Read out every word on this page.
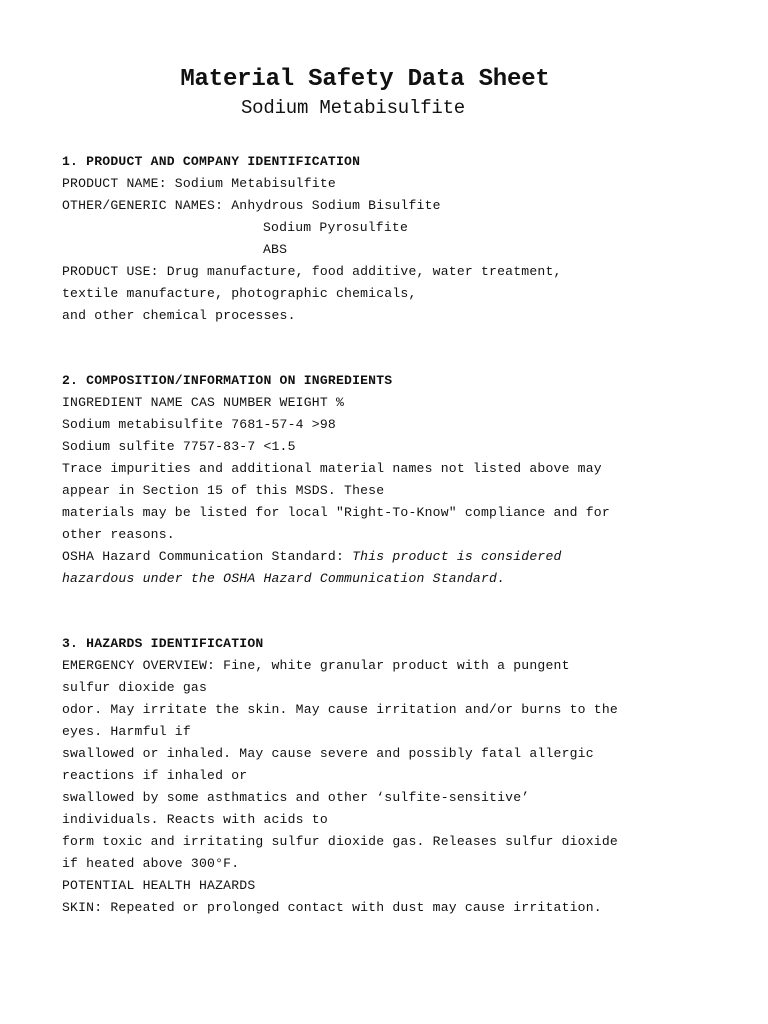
Material Safety Data Sheet
Sodium Metabisulfite
1. PRODUCT AND COMPANY IDENTIFICATION
PRODUCT NAME: Sodium Metabisulfite
OTHER/GENERIC NAMES: Anhydrous Sodium Bisulfite
Sodium Pyrosulfite
ABS
PRODUCT USE: Drug manufacture, food additive, water treatment,
textile manufacture, photographic chemicals,
and other chemical processes.
2. COMPOSITION/INFORMATION ON INGREDIENTS
INGREDIENT NAME CAS NUMBER WEIGHT %
Sodium metabisulfite 7681-57-4 >98
Sodium sulfite 7757-83-7 <1.5
Trace impurities and additional material names not listed above may
appear in Section 15 of this MSDS. These
materials may be listed for local "Right-To-Know" compliance and for
other reasons.
OSHA Hazard Communication Standard: This product is considered
hazardous under the OSHA Hazard Communication Standard.
3. HAZARDS IDENTIFICATION
EMERGENCY OVERVIEW: Fine, white granular product with a pungent
sulfur dioxide gas
odor. May irritate the skin. May cause irritation and/or burns to the
eyes. Harmful if
swallowed or inhaled. May cause severe and possibly fatal allergic
reactions if inhaled or
swallowed by some asthmatics and other ‘sulfite-sensitive’
individuals. Reacts with acids to
form toxic and irritating sulfur dioxide gas. Releases sulfur dioxide
if heated above 300°F.
POTENTIAL HEALTH HAZARDS
SKIN: Repeated or prolonged contact with dust may cause irritation.
